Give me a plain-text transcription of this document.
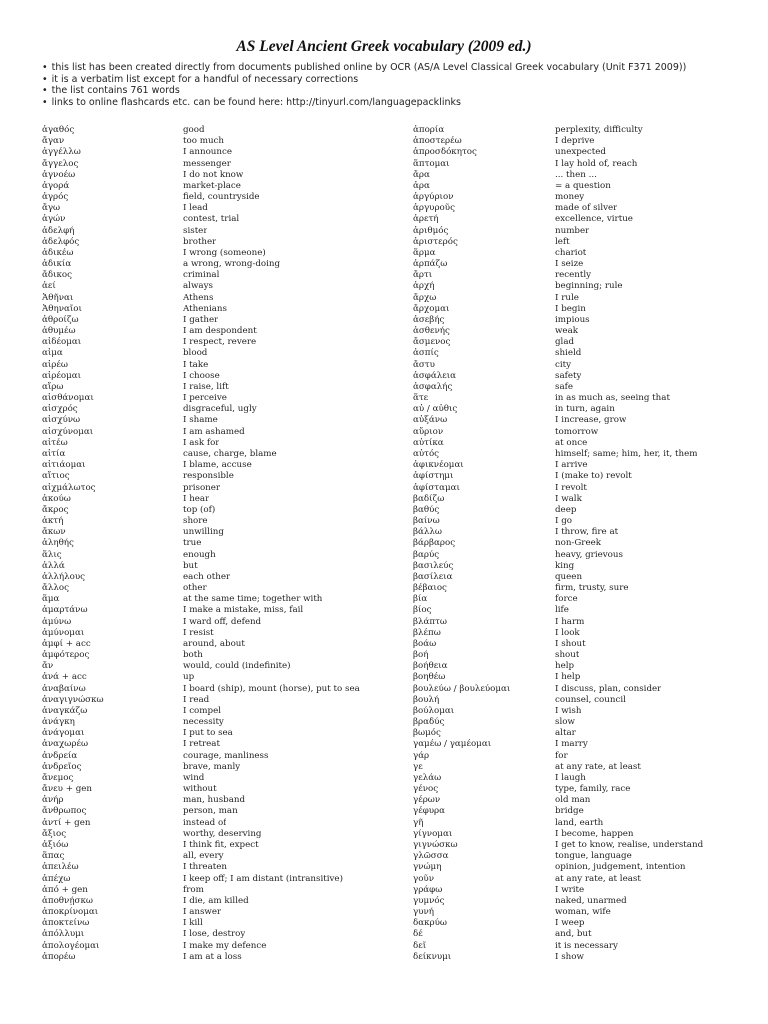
AS Level Ancient Greek vocabulary (2009 ed.)
• this list has been created directly from documents published online by OCR (AS/A Level Classical Greek vocabulary (Unit F371 2009))
• it is a verbatim list except for a handful of necessary corrections
• the list contains 761 words
• links to online flashcards etc. can be found here: http://tinyurl.com/languagepacklinks
ἀγαθός	good
ἄγαν	too much
ἀγγέλλω	I announce
ἄγγελος	messenger
ἀγνοέω	I do not know
ἀγορά	market-place
ἀγρός	field, countryside
ἄγω	I lead
ἀγών	contest, trial
ἀδελφή	sister
ἀδελφός	brother
ἀδικέω	I wrong (someone)
ἀδικία	a wrong, wrong-doing
ἄδικος	criminal
ἀεί	always
Ἀθῆναι	Athens
Ἀθηναῖοι	Athenians
ἀθροίζω	I gather
ἀθυμέω	I am despondent
αἰδέομαι	I respect, revere
αἷμα	blood
αἱρέω	I take
αἱρέομαι	I choose
αἴρω	I raise, lift
αἰσθάνομαι	I perceive
αἰσχρός	disgraceful, ugly
αἰσχύνω	I shame
αἰσχύνομαι	I am ashamed
αἰτέω	I ask for
αἰτία	cause, charge, blame
αἰτιάομαι	I blame, accuse
αἴτιος	responsible
αἰχμάλωτος	prisoner
ἀκούω	I hear
ἄκρος	top (of)
ἀκτή	shore
ἄκων	unwilling
ἀληθής	true
ἅλις	enough
ἀλλά	but
ἀλλήλους	each other
ἄλλος	other
ἅμα	at the same time; together with
ἁμαρτάνω	I make a mistake, miss, fail
ἀμύνω	I ward off, defend
ἀμύνομαι	I resist
ἀμφί + acc	around, about
ἀμφότερος	both
ἄν	would, could (indefinite)
ἀνά + acc	up
ἀναβαίνω	I board (ship), mount (horse), put to sea
ἀναγιγνώσκω	I read
ἀναγκάζω	I compel
ἀνάγκη	necessity
ἀνάγομαι	I put to sea
ἀναχωρέω	I retreat
ἀνδρεία	courage, manliness
ἀνδρεῖος	brave, manly
ἄνεμος	wind
ἄνευ + gen	without
ἀνήρ	man, husband
ἄνθρωπος	person, man
ἀντί + gen	instead of
ἄξιος	worthy, deserving
ἀξιόω	I think fit, expect
ἅπας	all, every
ἀπειλέω	I threaten
ἀπέχω	I keep off; I am distant (intransitive)
ἀπό + gen	from
ἀποθνῄσκω	I die, am killed
ἀποκρίνομαι	I answer
ἀποκτείνω	I kill
ἀπόλλυμι	I lose, destroy
ἀπολογέομαι	I make my defence
ἀπορέω	I am at a loss
ἀπορία	perplexity, difficulty
ἀποστερέω	I deprive
ἀπροσδόκητος	unexpected
ἅπτομαι	I lay hold of, reach
ἄρα	... then ...
ἆρα	= a question
ἀργύριον	money
ἀργυροῦς	made of silver
ἀρετή	excellence, virtue
ἀριθμός	number
ἀριστερός	left
ἅρμα	chariot
ἁρπάζω	I seize
ἄρτι	recently
ἀρχή	beginning; rule
ἄρχω	I rule
ἄρχομαι	I begin
ἀσεβής	impious
ἀσθενής	weak
ἄσμενος	glad
ἀσπίς	shield
ἄστυ	city
ἀσφάλεια	safety
ἀσφαλής	safe
ἅτε	in as much as, seeing that
αὖ / αὖθις	in turn, again
αὐξάνω	I increase, grow
αὔριον	tomorrow
αὐτίκα	at once
αὐτός	himself; same; him, her, it, them
ἀφικνέομαι	I arrive
ἀφίστημι	I (make to) revolt
ἀφίσταμαι	I revolt
βαδίζω	I walk
βαθύς	deep
βαίνω	I go
βάλλω	I throw, fire at
βάρβαρος	non-Greek
βαρύς	heavy, grievous
βασιλεύς	king
βασίλεια	queen
βέβαιος	firm, trusty, sure
βία	force
βίος	life
βλάπτω	I harm
βλέπω	I look
βοάω	I shout
βοή	shout
βοήθεια	help
βοηθέω	I help
βουλεύω / βουλεύομαι	I discuss, plan, consider
βουλή	counsel, council
βούλομαι	I wish
βραδύς	slow
βωμός	altar
γαμέω / γαμέομαι	I marry
γάρ	for
γε	at any rate, at least
γελάω	I laugh
γένος	type, family, race
γέρων	old man
γέφυρα	bridge
γῆ	land, earth
γίγνομαι	I become, happen
γιγνώσκω	I get to know, realise, understand
γλῶσσα	tongue, language
γνώμη	opinion, judgement, intention
γοῦν	at any rate, at least
γράφω	I write
γυμνός	naked, unarmed
γυνή	woman, wife
δακρύω	I weep
δέ	and, but
δεῖ	it is necessary
δείκνυμι	I show
